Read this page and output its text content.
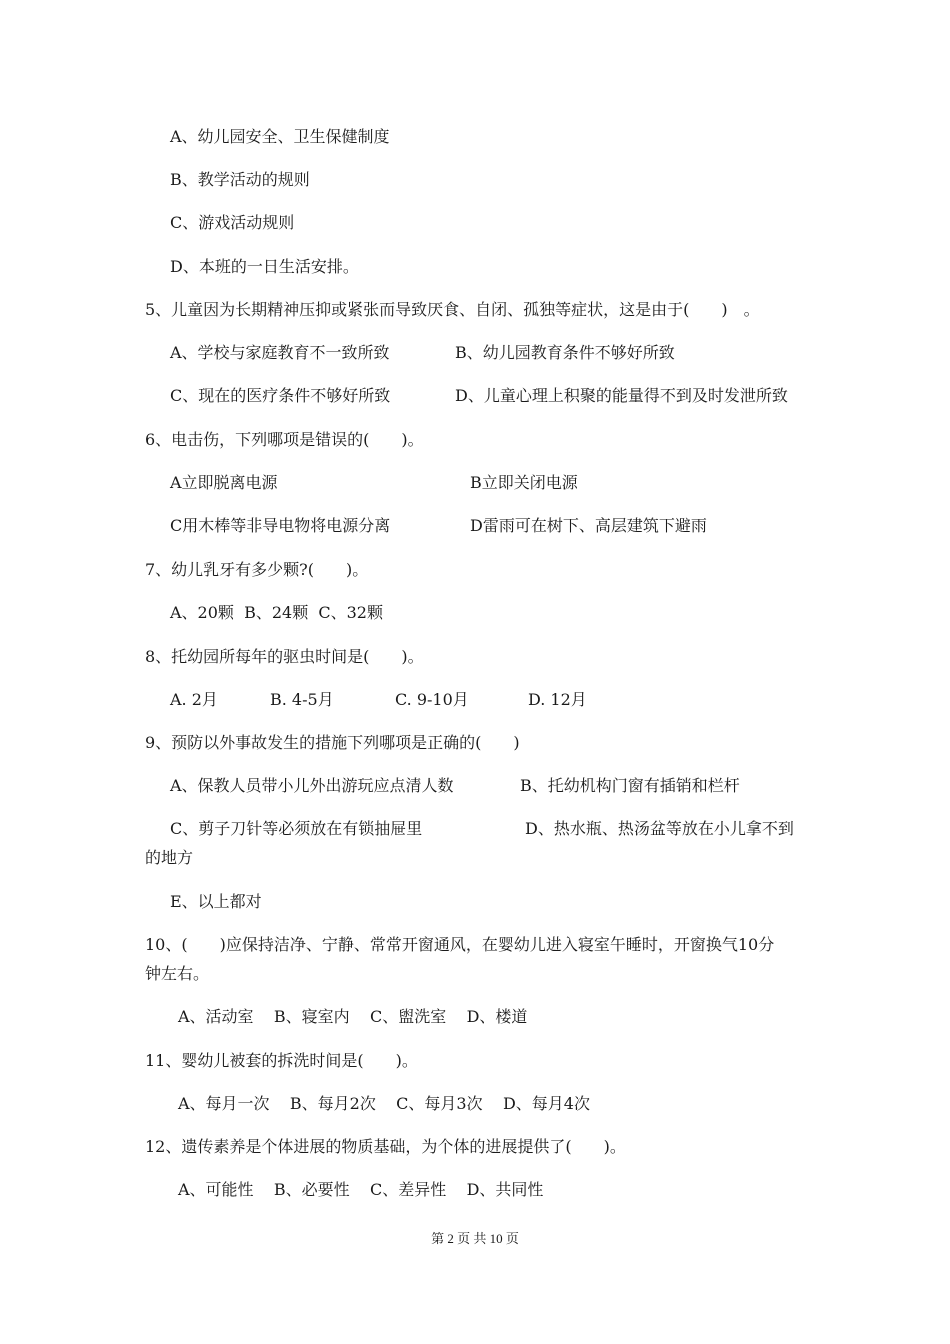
A、幼儿园安全、卫生保健制度
B、教学活动的规则
C、游戏活动规则
D、本班的一日生活安排。
5、儿童因为长期精神压抑或紧张而导致厌食、自闭、孤独等症状，这是由于(　　)　。
A、学校与家庭教育不一致所致	B、幼儿园教育条件不够好所致
C、现在的医疗条件不够好所致	D、儿童心理上积聚的能量得不到及时发泄所致
6、电击伤，下列哪项是错误的(　　)。
A立即脱离电源	B立即关闭电源
C用木棒等非导电物将电源分离	D雷雨可在树下、高层建筑下避雨
7、幼儿乳牙有多少颗?(　　)。
A、20颗  B、24颗  C、32颗
8、托幼园所每年的驱虫时间是(　　)。
A. 2月	B. 4-5月	C. 9-10月	D. 12月
9、预防以外事故发生的措施下列哪项是正确的(　　)
A、保教人员带小儿外出游玩应点清人数	B、托幼机构门窗有插销和栏杆
C、剪子刀针等必须放在有锁抽屉里	D、热水瓶、热汤盆等放在小儿拿不到
的地方
E、以上都对
10、(　　)应保持洁净、宁静、常常开窗通风，在婴幼儿进入寝室午睡时，开窗换气10分
钟左右。
A、活动室    B、寝室内    C、盥洗室    D、楼道
11、婴幼儿被套的拆洗时间是(　　)。
A、每月一次    B、每月2次    C、每月3次    D、每月4次
12、遗传素养是个体进展的物质基础，为个体的进展提供了(　　)。
A、可能性    B、必要性    C、差异性    D、共同性
第 2 页 共 10 页
